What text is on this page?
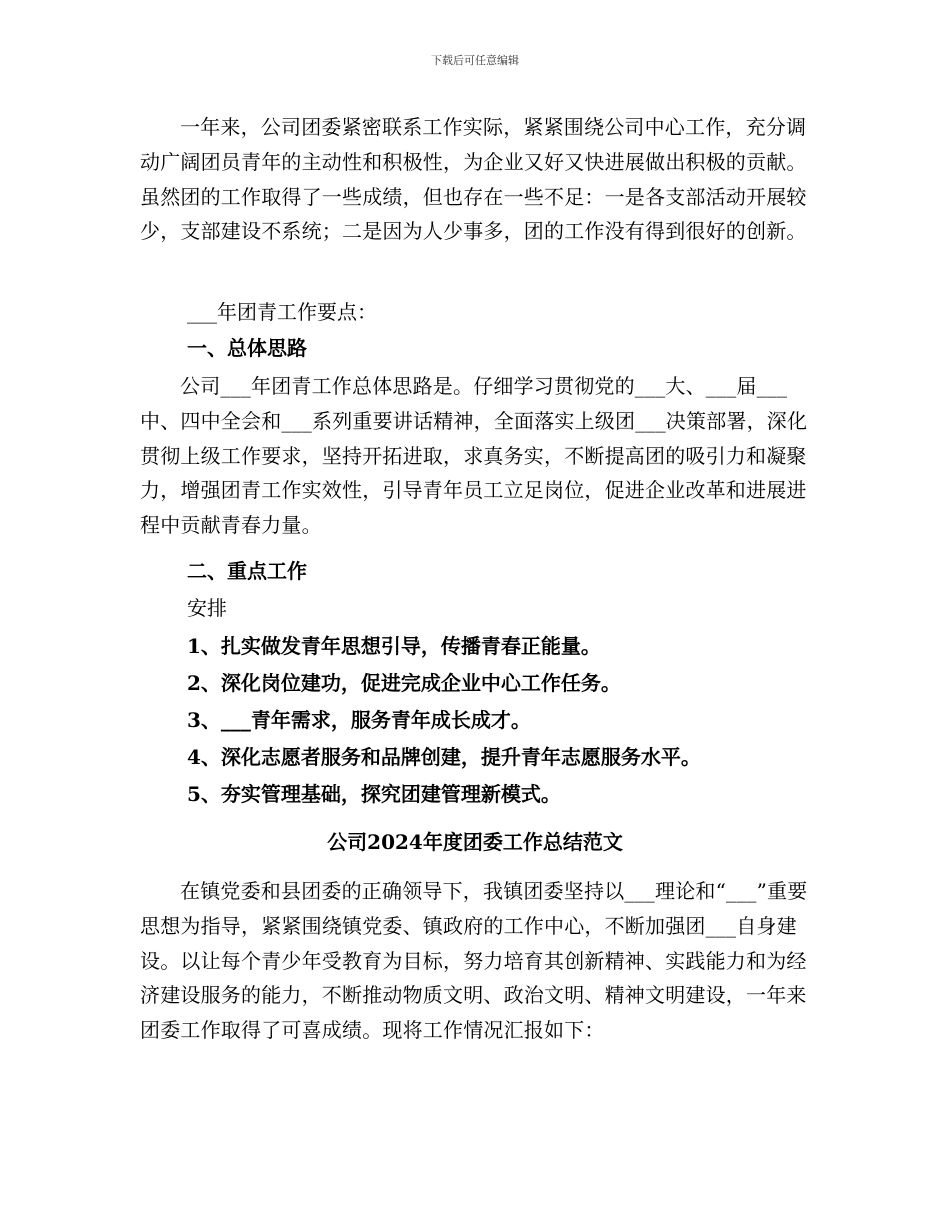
下载后可任意编辑
一年来，公司团委紧密联系工作实际，紧紧围绕公司中心工作，充分调动广阔团员青年的主动性和积极性，为企业又好又快进展做出积极的贡献。虽然团的工作取得了一些成绩，但也存在一些不足：一是各支部活动开展较少，支部建设不系统；二是因为人少事多，团的工作没有得到很好的创新。
___年团青工作要点：
一、总体思路
公司___年团青工作总体思路是。仔细学习贯彻党的___大、___届___中、四中全会和___系列重要讲话精神，全面落实上级团___决策部署，深化贯彻上级工作要求，坚持开拓进取，求真务实，不断提高团的吸引力和凝聚力，增强团青工作实效性，引导青年员工立足岗位，促进企业改革和进展进程中贡献青春力量。
二、重点工作
安排
1、扎实做发青年思想引导，传播青春正能量。
2、深化岗位建功，促进完成企业中心工作任务。
3、___青年需求，服务青年成长成才。
4、深化志愿者服务和品牌创建，提升青年志愿服务水平。
5、夯实管理基础，探究团建管理新模式。
公司2024年度团委工作总结范文
在镇党委和县团委的正确领导下，我镇团委坚持以___理论和“___”重要思想为指导，紧紧围绕镇党委、镇政府的工作中心，不断加强团___自身建设。以让每个青少年受教育为目标，努力培育其创新精神、实践能力和为经济建设服务的能力，不断推动物质文明、政治文明、精神文明建设，一年来团委工作取得了可喜成绩。现将工作情况汇报如下：
